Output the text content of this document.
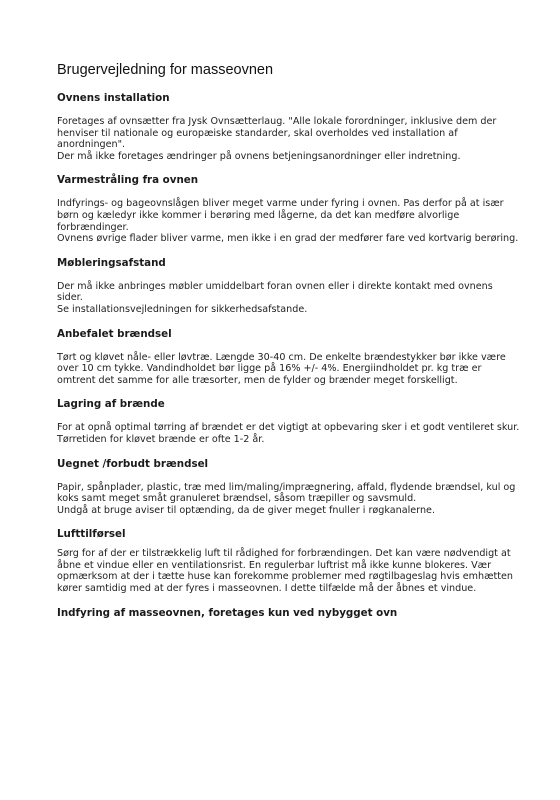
Brugervejledning for masseovnen
Ovnens installation

Foretages af ovnsætter fra Jysk Ovnsætterlaug. "Alle lokale forordninger, inklusive dem der henviser til nationale og europæiske standarder, skal overholdes ved installation af anordningen".

Der må ikke foretages ændringer på ovnens betjeningsanordninger eller indretning.

Varmestråling fra ovnen

Indfyrings- og bageovnslågen bliver meget varme under fyring i ovnen. Pas derfor på at især børn og kæledyr ikke kommer i berøring med lågerne, da det kan medføre alvorlige forbrændinger.

Ovnens øvrige flader bliver varme, men ikke i en grad der medfører fare ved kortvarig berøring.

Møbleringsafstand

Der må ikke anbringes møbler umiddelbart foran ovnen eller i direkte kontakt med ovnens sider.

Se installationsvejledningen for sikkerhedsafstande.

Anbefalet brændsel

Tørt og kløvet nåle- eller løvtræ. Længde 30-40 cm. De enkelte brændestykker bør ikke være over 10 cm tykke. Vandindholdet bør ligge på 16% +/- 4%. Energiindholdet pr. kg træ er omtrent det samme for alle træsorter, men de fylder og brænder meget forskelligt.

Lagring af brænde

For at opnå optimal tørring af brændet er det vigtigt at opbevaring sker i et godt ventileret skur. Tørretiden for kløvet brænde er ofte 1-2 år.

Uegnet /forbudt brændsel

Papir, spånplader, plastic, træ med lim/maling/imprægnering, affald, flydende brændsel, kul og koks samt meget småt granuleret brændsel, såsom træpiller og savsmuld.

Undgå at bruge aviser til optænding, da de giver meget fnuller i røgkanalerne.

Lufttilførsel

Sørg for af der er tilstrækkelig luft til rådighed for forbrændingen. Det kan være nødvendigt at åbne et vindue eller en ventilationsrist. En regulerbar luftrist må ikke kunne blokeres. Vær opmærksom at der i tætte huse kan forekomme problemer med røgtilbageslag hvis emhætten kører samtidig med at der fyres i masseovnen. I dette tilfælde må der åbnes et vindue.

Indfyring af masseovnen, foretages kun ved nybygget ovn
